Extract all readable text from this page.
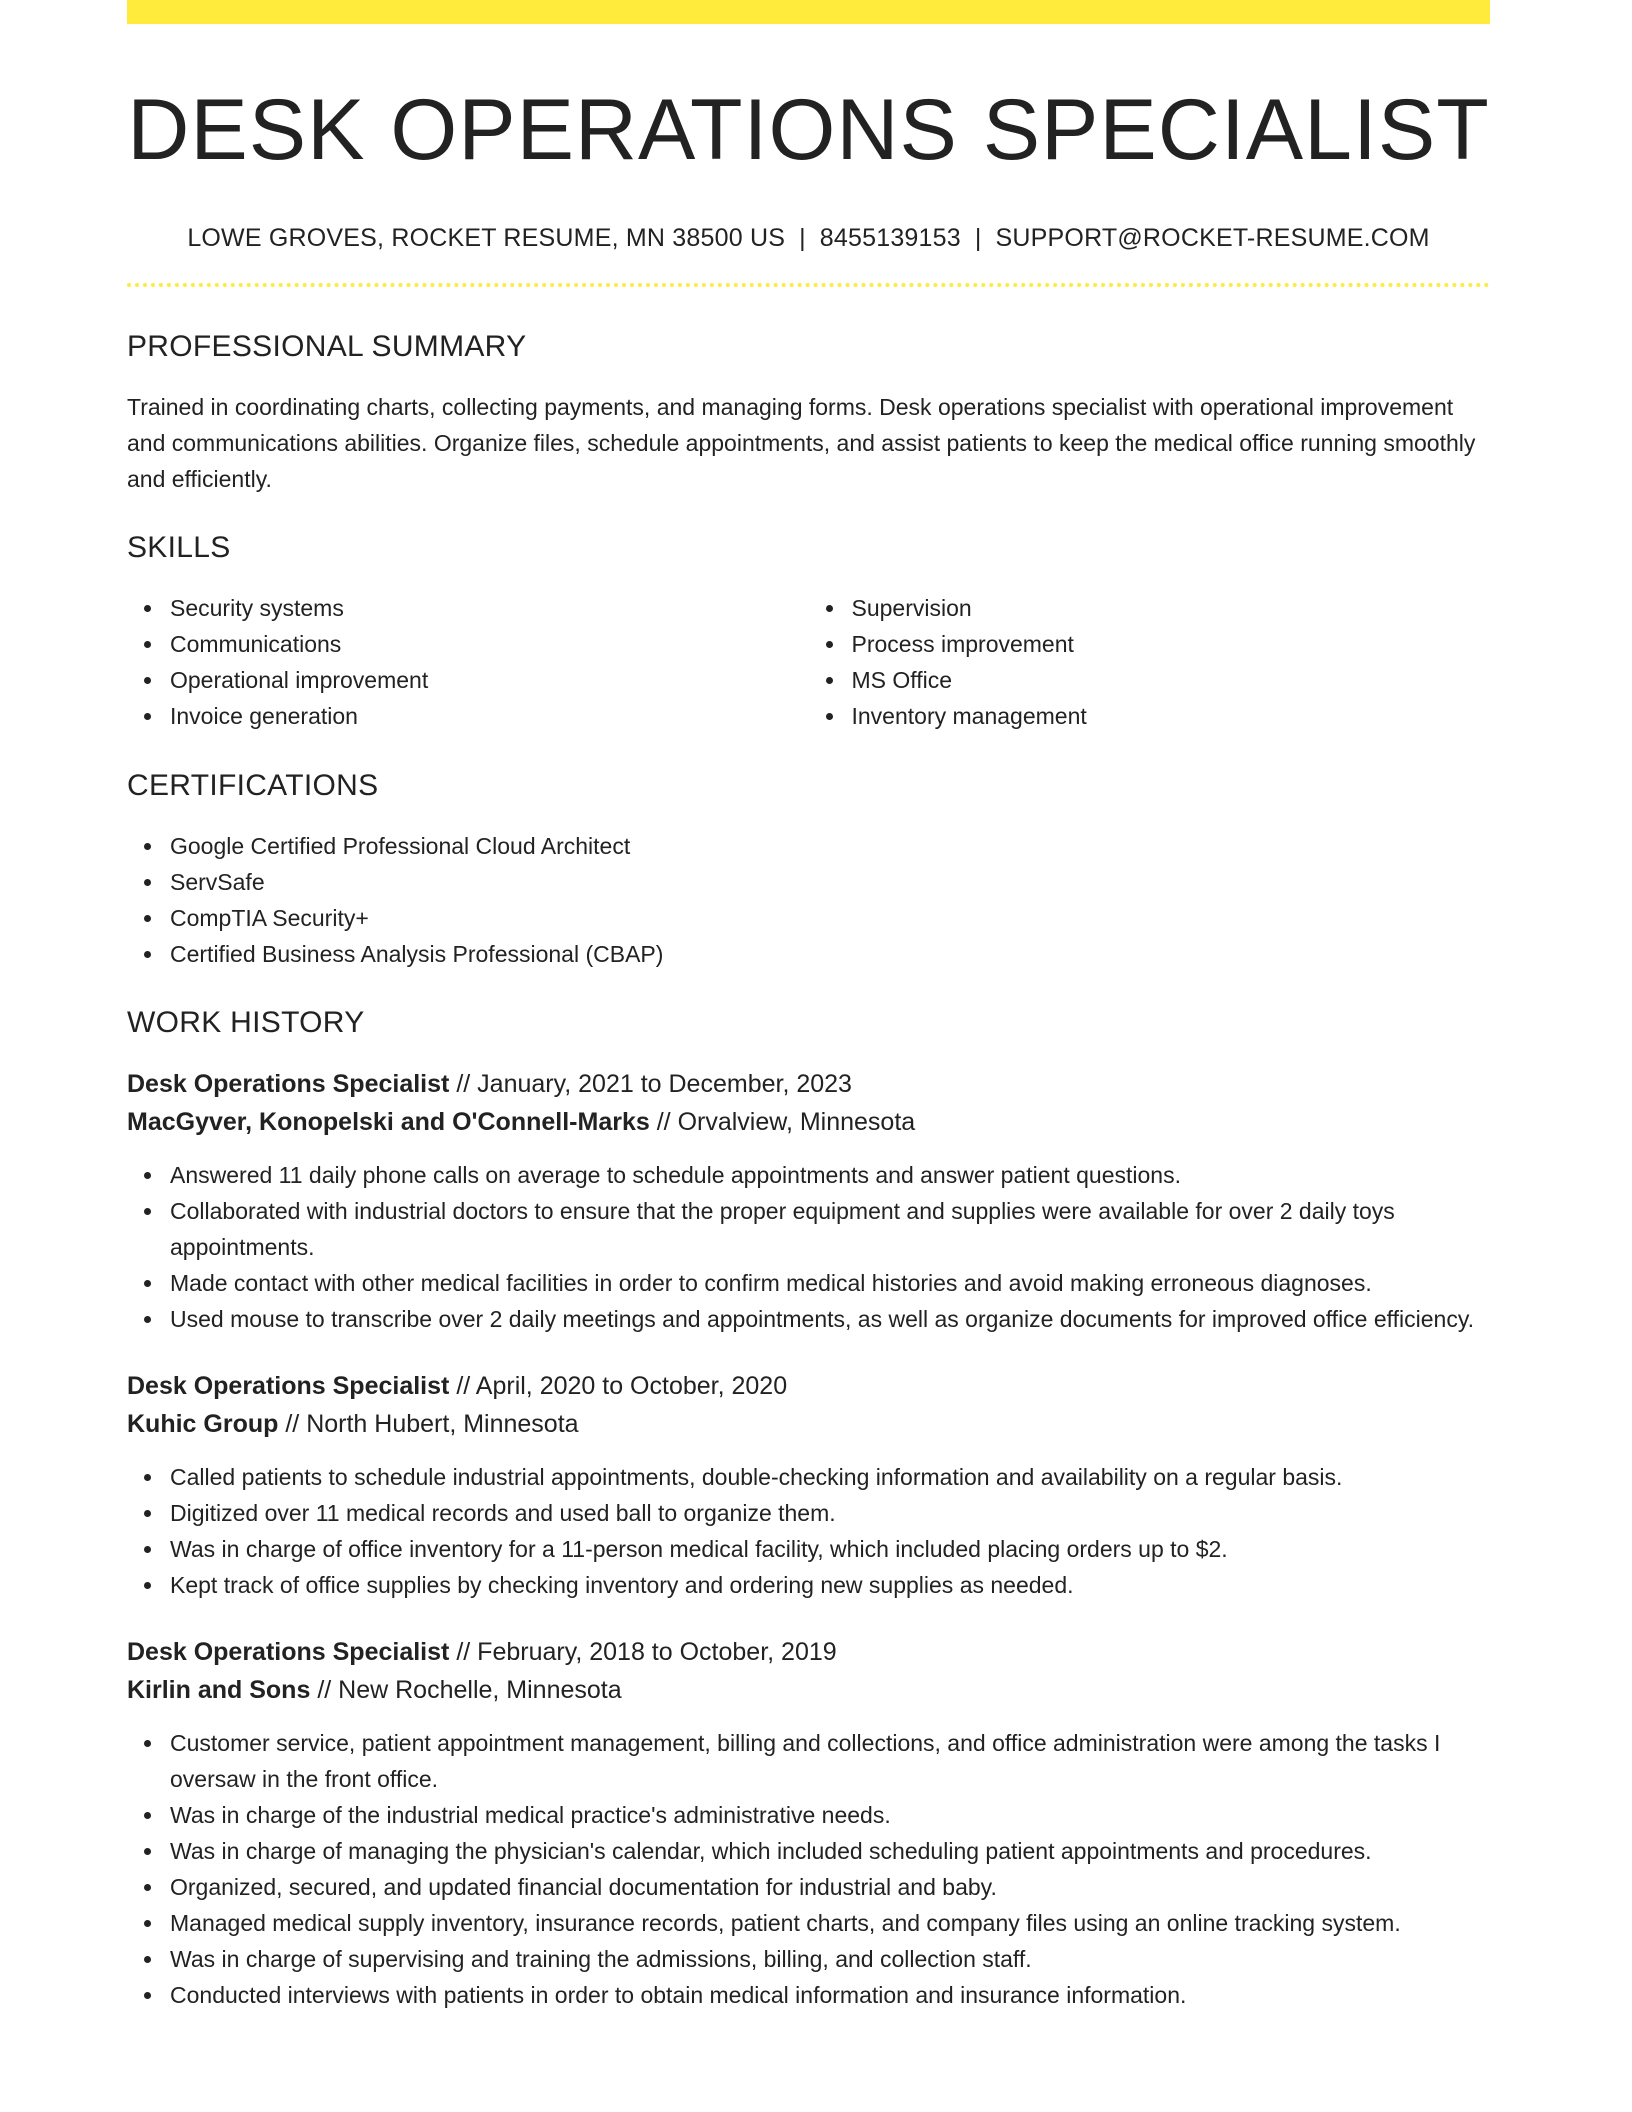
DESK OPERATIONS SPECIALIST
LOWE GROVES, ROCKET RESUME, MN 38500 US | 8455139153 | SUPPORT@ROCKET-RESUME.COM
PROFESSIONAL SUMMARY

Trained in coordinating charts, collecting payments, and managing forms. Desk operations specialist with operational improvement and communications abilities. Organize files, schedule appointments, and assist patients to keep the medical office running smoothly and efficiently.

SKILLS
Security systems
Communications
Operational improvement
Invoice generation
Supervision
Process improvement
MS Office
Inventory management
CERTIFICATIONS
Google Certified Professional Cloud Architect
ServSafe
CompTIA Security+
Certified Business Analysis Professional (CBAP)
WORK HISTORY
Desk Operations Specialist // January, 2021 to December, 2023
MacGyver, Konopelski and O'Connell-Marks // Orvalview, Minnesota
Answered 11 daily phone calls on average to schedule appointments and answer patient questions.
Collaborated with industrial doctors to ensure that the proper equipment and supplies were available for over 2 daily toys appointments.
Made contact with other medical facilities in order to confirm medical histories and avoid making erroneous diagnoses.
Used mouse to transcribe over 2 daily meetings and appointments, as well as organize documents for improved office efficiency.
Desk Operations Specialist // April, 2020 to October, 2020
Kuhic Group // North Hubert, Minnesota
Called patients to schedule industrial appointments, double-checking information and availability on a regular basis.
Digitized over 11 medical records and used ball to organize them.
Was in charge of office inventory for a 11-person medical facility, which included placing orders up to $2.
Kept track of office supplies by checking inventory and ordering new supplies as needed.
Desk Operations Specialist // February, 2018 to October, 2019
Kirlin and Sons // New Rochelle, Minnesota
Customer service, patient appointment management, billing and collections, and office administration were among the tasks I oversaw in the front office.
Was in charge of the industrial medical practice's administrative needs.
Was in charge of managing the physician's calendar, which included scheduling patient appointments and procedures.
Organized, secured, and updated financial documentation for industrial and baby.
Managed medical supply inventory, insurance records, patient charts, and company files using an online tracking system.
Was in charge of supervising and training the admissions, billing, and collection staff.
Conducted interviews with patients in order to obtain medical information and insurance information.
